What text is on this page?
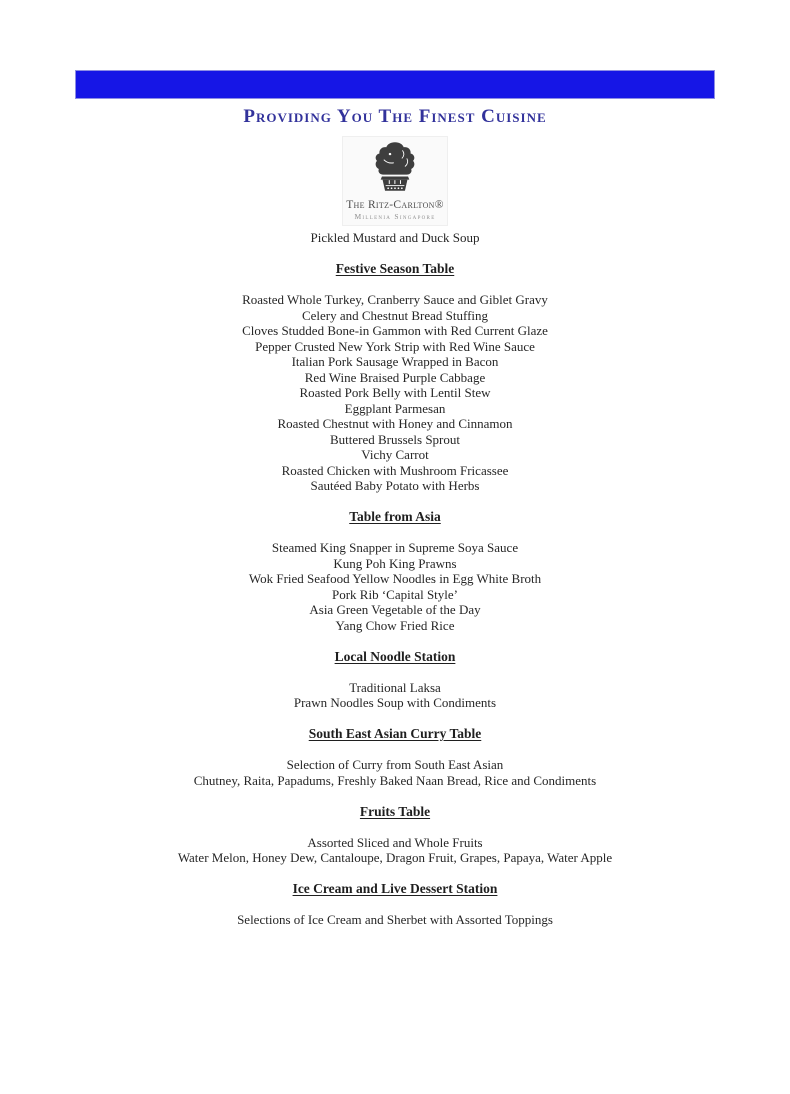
Providing You The Finest Cuisine
The Ritz-Carlton®
Millenia Singapore
Pickled Mustard and Duck Soup
Festive Season Table
Roasted Whole Turkey, Cranberry Sauce and Giblet Gravy
Celery and Chestnut Bread Stuffing
Cloves Studded Bone-in Gammon with Red Current Glaze
Pepper Crusted New York Strip with Red Wine Sauce
Italian Pork Sausage Wrapped in Bacon
Red Wine Braised Purple Cabbage
Roasted Pork Belly with Lentil Stew
Eggplant Parmesan
Roasted Chestnut with Honey and Cinnamon
Buttered Brussels Sprout
Vichy Carrot
Roasted Chicken with Mushroom Fricassee
Sautéed Baby Potato with Herbs
Table from Asia
Steamed King Snapper in Supreme Soya Sauce
Kung Poh King Prawns
Wok Fried Seafood Yellow Noodles in Egg White Broth
Pork Rib ‘Capital Style’
Asia Green Vegetable of the Day
Yang Chow Fried Rice
Local Noodle Station
Traditional Laksa
Prawn Noodles Soup with Condiments
South East Asian Curry Table
Selection of Curry from South East Asian
Chutney, Raita, Papadums, Freshly Baked Naan Bread, Rice and Condiments
Fruits Table
Assorted Sliced and Whole Fruits
Water Melon, Honey Dew, Cantaloupe, Dragon Fruit, Grapes, Papaya, Water Apple
Ice Cream and Live Dessert Station
Selections of Ice Cream and Sherbet with Assorted Toppings
